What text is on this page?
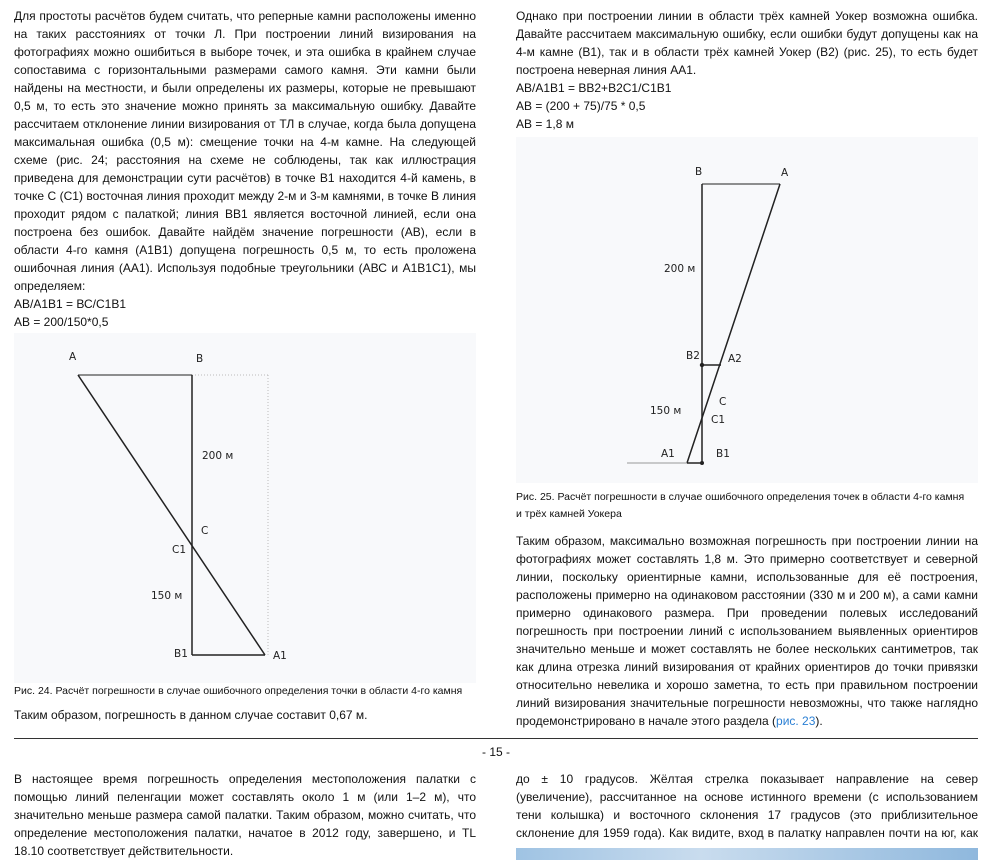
Для простоты расчётов будем считать, что реперные камни расположены именно на таких расстояниях от точки Л. При построении линий визирования на фотографиях можно ошибиться в выборе точек, и эта ошибка в крайнем случае сопоставима с горизонтальными размерами самого камня. Эти камни были найдены на местности, и были определены их размеры, которые не превышают 0,5 м, то есть это значение можно принять за максимальную ошибку. Давайте рассчитаем отклонение линии визирования от ТЛ в случае, когда была допущена максимальная ошибка (0,5 м): смещение точки на 4-м камне. На следующей схеме (рис. 24; расстояния на схеме не соблюдены, так как иллюстрация приведена для демонстрации сути расчётов) в точке В1 находится 4-й камень, в точке С (С1) восточная линия проходит между 2-м и 3-м камнями, в точке В линия проходит рядом с палаткой; линия ВВ1 является восточной линией, если она построена без ошибок. Давайте найдём значение погрешности (АВ), если в области 4-го камня (А1В1) допущена погрешность 0,5 м, то есть проложена ошибочная линия (АА1). Используя подобные треугольники (АВС и А1В1С1), мы определяем:

АВ/А1В1 = ВС/С1В1

АВ = 200/150*0,5

A	B
200 м
C
C1
150 м
B1	A1

Рис. 24. Расчёт погрешности в случае ошибочного определения точки в области 4-го камня

Таким образом, погрешность в данном случае составит 0,67 м.

Однако при построении линии в области трёх камней Уокер возможна ошибка. Давайте рассчитаем максимальную ошибку, если ошибки будут допущены как на 4-м камне (В1), так и в области трёх камней Уокер (В2) (рис. 25), то есть будет построена неверная линия АА1.

АВ/А1В1 = ВВ2+В2С1/С1В1

АВ = (200 + 75)/75 * 0,5

АВ = 1,8 м

B	A
200 м
B2	A2
C
150 м
C1
A1	B1

Рис. 25. Расчёт погрешности в случае ошибочного определения точек в области 4-го камня

и трёх камней Уокера

Таким образом, максимально возможная погрешность при построении линии на фотографиях может составлять 1,8 м. Это примерно соответствует и северной линии, поскольку ориентирные камни, использованные для её построения, расположены примерно на одинаковом расстоянии (330 м и 200 м), а сами камни примерно одинакового размера. При проведении полевых исследований погрешность при построении линий с использованием выявленных ориентиров значительно меньше и может составлять не более нескольких сантиметров, так как длина отрезка линий визирования от крайних ориентиров до точки привязки относительно невелика и хорошо заметна, то есть при правильном построении линий визирования значительные погрешности невозможны, что также наглядно продемонстрировано в начале этого раздела (рис. 23).

- 15 -

В настоящее время погрешность определения местоположения палатки с помощью линий пеленгации может составлять около 1 м (или 1–2 м), что значительно меньше размера самой палатки. Таким образом, можно считать, что определение местоположения палатки, начатое в 2012 году, завершено, и TL 18.10 соответствует действительности.

до ± 10 градусов. Жёлтая стрелка показывает направление на север (увеличение), рассчитанное на основе истинного времени (с использованием тени колышка) и восточного склонения 17 градусов (это приблизительное склонение для 1959 года). Как видите, вход в палатку направлен почти на юг, как
